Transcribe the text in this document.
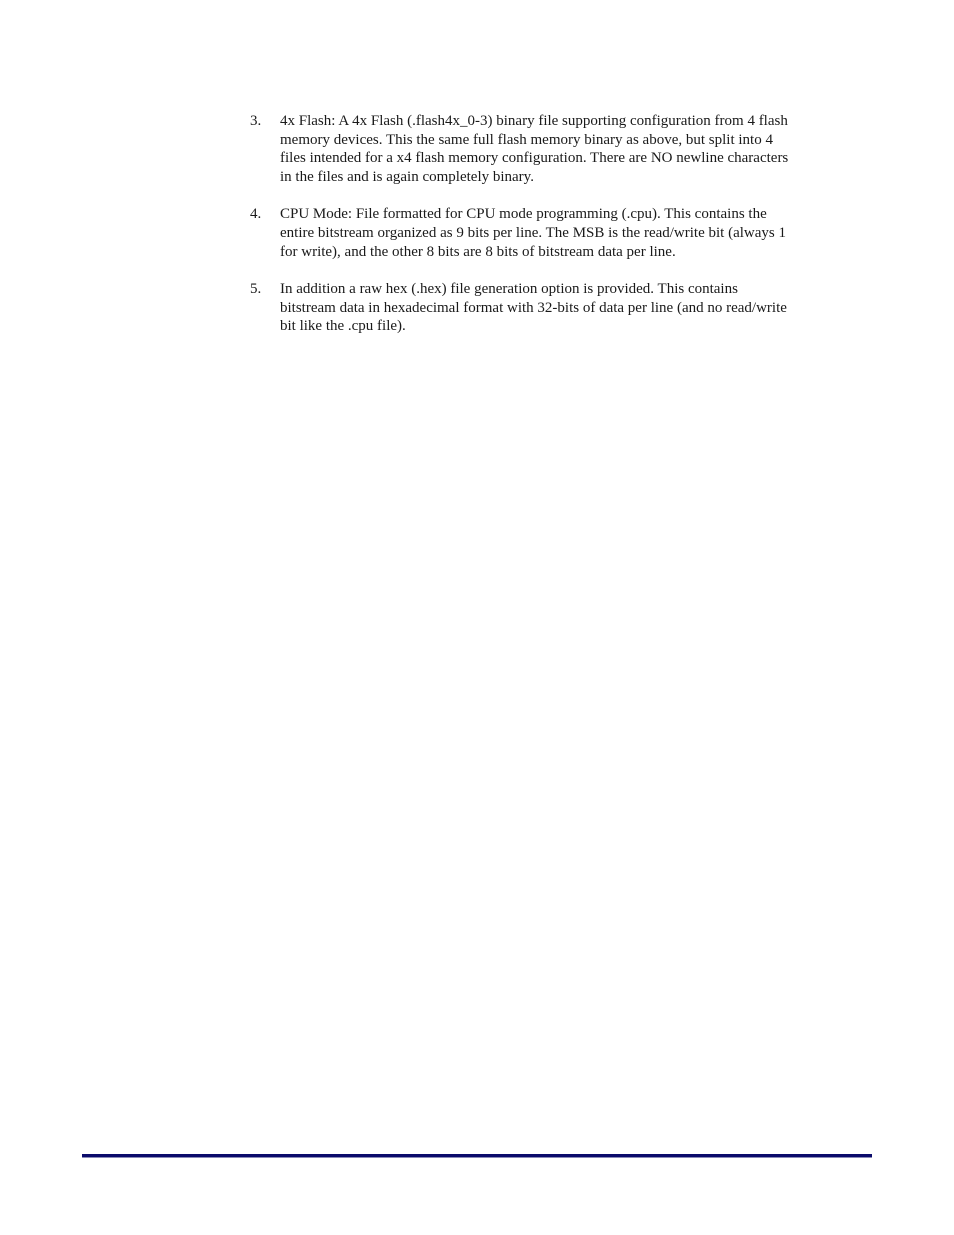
3.	4x Flash: A 4x Flash (.flash4x_0-3) binary file supporting configuration from 4 flash
memory devices. This the same full flash memory binary as above, but split into 4
files intended for a x4 flash memory configuration. There are NO newline characters
in the files and is again completely binary.
4.	CPU Mode: File formatted for CPU mode programming (.cpu). This contains the
entire bitstream organized as 9 bits per line. The MSB is the read/write bit (always 1
for write), and the other 8 bits are 8 bits of bitstream data per line.
5.	In addition a raw hex (.hex) file generation option is provided. This contains
bitstream data in hexadecimal format with 32-bits of data per line (and no read/write
bit like the .cpu file).
